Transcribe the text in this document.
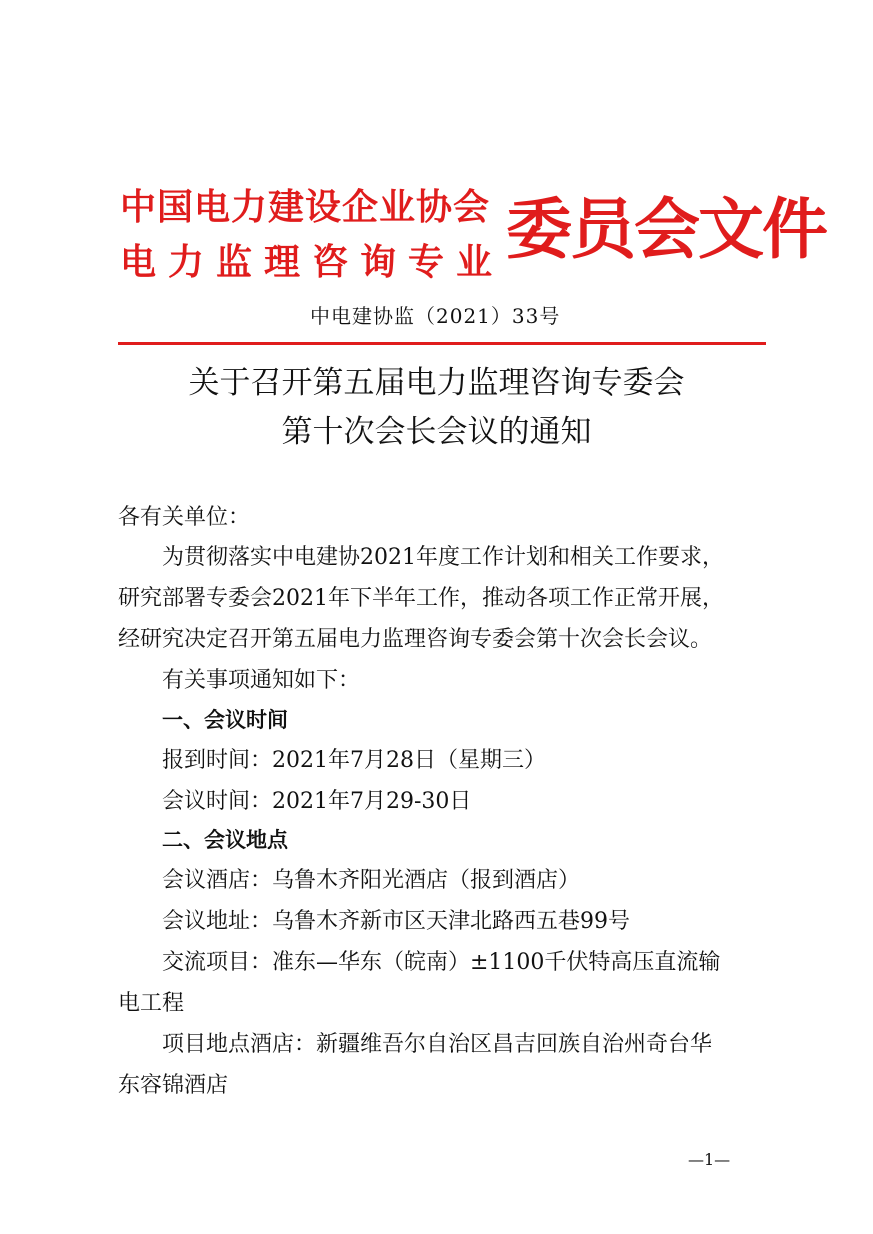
中国电力建设企业协会
电力监理咨询专业 委员会文件
中电建协监（2021）33号
关于召开第五届电力监理咨询专委会
第十次会长会议的通知
各有关单位：
为贯彻落实中电建协2021年度工作计划和相关工作要求，
研究部署专委会2021年下半年工作，推动各项工作正常开展，
经研究决定召开第五届电力监理咨询专委会第十次会长会议。
有关事项通知如下：
一、会议时间
报到时间：2021年7月28日（星期三）
会议时间：2021年7月29-30日
二、会议地点
会议酒店：乌鲁木齐阳光酒店（报到酒店）
会议地址：乌鲁木齐新市区天津北路西五巷99号
交流项目：准东—华东（皖南）±1100千伏特高压直流输
电工程
项目地点酒店：新疆维吾尔自治区昌吉回族自治州奇台华
东容锦酒店
—1—
